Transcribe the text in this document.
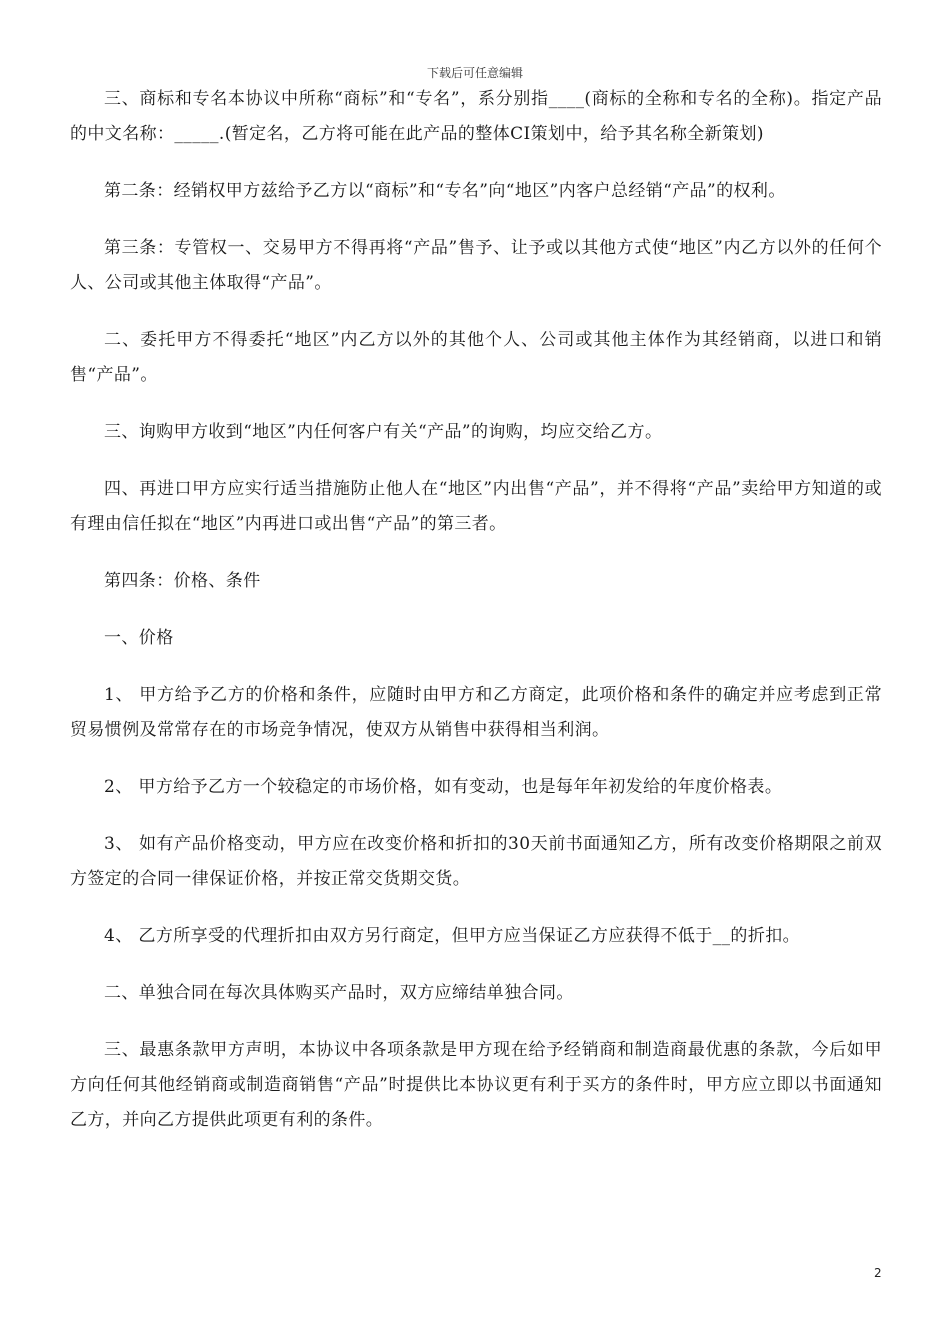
下载后可任意编辑

三、商标和专名本协议中所称“商标”和“专名”，系分别指____(商标的全称和专名的全称)。指定产品的中文名称：_____.(暂定名，乙方将可能在此产品的整体CI策划中，给予其名称全新策划)

第二条：经销权甲方兹给予乙方以“商标”和“专名”向“地区”内客户总经销“产品”的权利。

第三条：专管权一、交易甲方不得再将“产品”售予、让予或以其他方式使“地区”内乙方以外的任何个人、公司或其他主体取得“产品”。

二、委托甲方不得委托“地区”内乙方以外的其他个人、公司或其他主体作为其经销商，以进口和销售“产品”。

三、询购甲方收到“地区”内任何客户有关“产品”的询购，均应交给乙方。

四、再进口甲方应实行适当措施防止他人在“地区”内出售“产品”，并不得将“产品”卖给甲方知道的或有理由信任拟在“地区”内再进口或出售“产品”的第三者。

第四条：价格、条件

一、价格

1、 甲方给予乙方的价格和条件，应随时由甲方和乙方商定，此项价格和条件的确定并应考虑到正常贸易惯例及常常存在的市场竞争情况，使双方从销售中获得相当利润。

2、 甲方给予乙方一个较稳定的市场价格，如有变动，也是每年年初发给的年度价格表。

3、 如有产品价格变动，甲方应在改变价格和折扣的30天前书面通知乙方，所有改变价格期限之前双方签定的合同一律保证价格，并按正常交货期交货。

4、 乙方所享受的代理折扣由双方另行商定，但甲方应当保证乙方应获得不低于__的折扣。

二、单独合同在每次具体购买产品时，双方应缔结单独合同。

三、最惠条款甲方声明，本协议中各项条款是甲方现在给予经销商和制造商最优惠的条款，今后如甲方向任何其他经销商或制造商销售“产品”时提供比本协议更有利于买方的条件时，甲方应立即以书面通知乙方，并向乙方提供此项更有利的条件。

2
